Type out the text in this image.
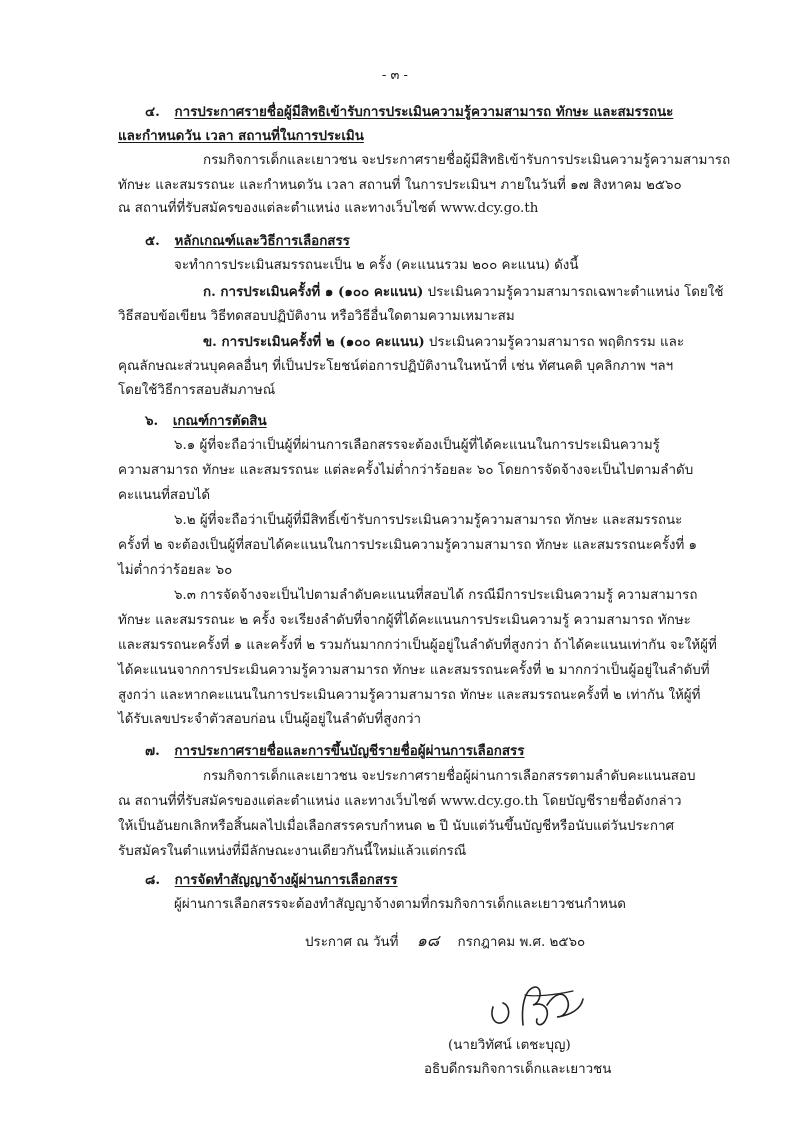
- ๓ -
๔. การประกาศรายชื่อผู้มีสิทธิเข้ารับการประเมินความรู้ความสามารถ ทักษะ และสมรรถนะ
และกำหนดวัน เวลา สถานที่ในการประเมิน
กรมกิจการเด็กและเยาวชน จะประกาศรายชื่อผู้มีสิทธิเข้ารับการประเมินความรู้ความสามารถ
ทักษะ และสมรรถนะ และกำหนดวัน เวลา สถานที่ ในการประเมินฯ ภายในวันที่ ๑๗ สิงหาคม ๒๕๖๐
ณ สถานที่ที่รับสมัครของแต่ละตำแหน่ง และทางเว็บไซต์ www.dcy.go.th
๕. หลักเกณฑ์และวิธีการเลือกสรร
จะทำการประเมินสมรรถนะเป็น ๒ ครั้ง (คะแนนรวม ๒๐๐ คะแนน) ดังนี้
ก. การประเมินครั้งที่ ๑ (๑๐๐ คะแนน) ประเมินความรู้ความสามารถเฉพาะตำแหน่ง โดยใช้
วิธีสอบข้อเขียน วิธีทดสอบปฏิบัติงาน หรือวิธีอื่นใดตามความเหมาะสม
ข. การประเมินครั้งที่ ๒ (๑๐๐ คะแนน) ประเมินความรู้ความสามารถ พฤติกรรม และ
คุณลักษณะส่วนบุคคลอื่นๆ ที่เป็นประโยชน์ต่อการปฏิบัติงานในหน้าที่ เช่น ทัศนคติ บุคลิกภาพ ฯลฯ
โดยใช้วิธีการสอบสัมภาษณ์
๖. เกณฑ์การตัดสิน
๖.๑ ผู้ที่จะถือว่าเป็นผู้ที่ผ่านการเลือกสรรจะต้องเป็นผู้ที่ได้คะแนนในการประเมินความรู้
ความสามารถ ทักษะ และสมรรถนะ แต่ละครั้งไม่ต่ำกว่าร้อยละ ๖๐ โดยการจัดจ้างจะเป็นไปตามลำดับ
คะแนนที่สอบได้
๖.๒ ผู้ที่จะถือว่าเป็นผู้ที่มีสิทธิ์เข้ารับการประเมินความรู้ความสามารถ ทักษะ และสมรรถนะ
ครั้งที่ ๒ จะต้องเป็นผู้ที่สอบได้คะแนนในการประเมินความรู้ความสามารถ ทักษะ และสมรรถนะครั้งที่ ๑
ไม่ต่ำกว่าร้อยละ ๖๐
๖.๓ การจัดจ้างจะเป็นไปตามลำดับคะแนนที่สอบได้ กรณีมีการประเมินความรู้ ความสามารถ
ทักษะ และสมรรถนะ ๒ ครั้ง จะเรียงลำดับที่จากผู้ที่ได้คะแนนการประเมินความรู้ ความสามารถ ทักษะ
และสมรรถนะครั้งที่ ๑ และครั้งที่ ๒ รวมกันมากกว่าเป็นผู้อยู่ในลำดับที่สูงกว่า ถ้าได้คะแนนเท่ากัน จะให้ผู้ที่
ได้คะแนนจากการประเมินความรู้ความสามารถ ทักษะ และสมรรถนะครั้งที่ ๒ มากกว่าเป็นผู้อยู่ในลำดับที่
สูงกว่า และหากคะแนนในการประเมินความรู้ความสามารถ ทักษะ และสมรรถนะครั้งที่ ๒ เท่ากัน ให้ผู้ที่
ได้รับเลขประจำตัวสอบก่อน เป็นผู้อยู่ในลำดับที่สูงกว่า
๗. การประกาศรายชื่อและการขึ้นบัญชีรายชื่อผู้ผ่านการเลือกสรร
กรมกิจการเด็กและเยาวชน จะประกาศรายชื่อผู้ผ่านการเลือกสรรตามลำดับคะแนนสอบ
ณ สถานที่ที่รับสมัครของแต่ละตำแหน่ง และทางเว็บไซต์ www.dcy.go.th โดยบัญชีรายชื่อดังกล่าว
ให้เป็นอันยกเลิกหรือสิ้นผลไปเมื่อเลือกสรรครบกำหนด ๒ ปี นับแต่วันขึ้นบัญชีหรือนับแต่วันประกาศ
รับสมัครในตำแหน่งที่มีลักษณะงานเดียวกันนี้ใหม่แล้วแต่กรณี
๘. การจัดทำสัญญาจ้างผู้ผ่านการเลือกสรร
ผู้ผ่านการเลือกสรรจะต้องทำสัญญาจ้างตามที่กรมกิจการเด็กและเยาวชนกำหนด
ประกาศ ณ วันที่ ๑๘ กรกฎาคม พ.ศ. ๒๕๖๐
(นายวิทัศน์ เตชะบุญ)
อธิบดีกรมกิจการเด็กและเยาวชน
